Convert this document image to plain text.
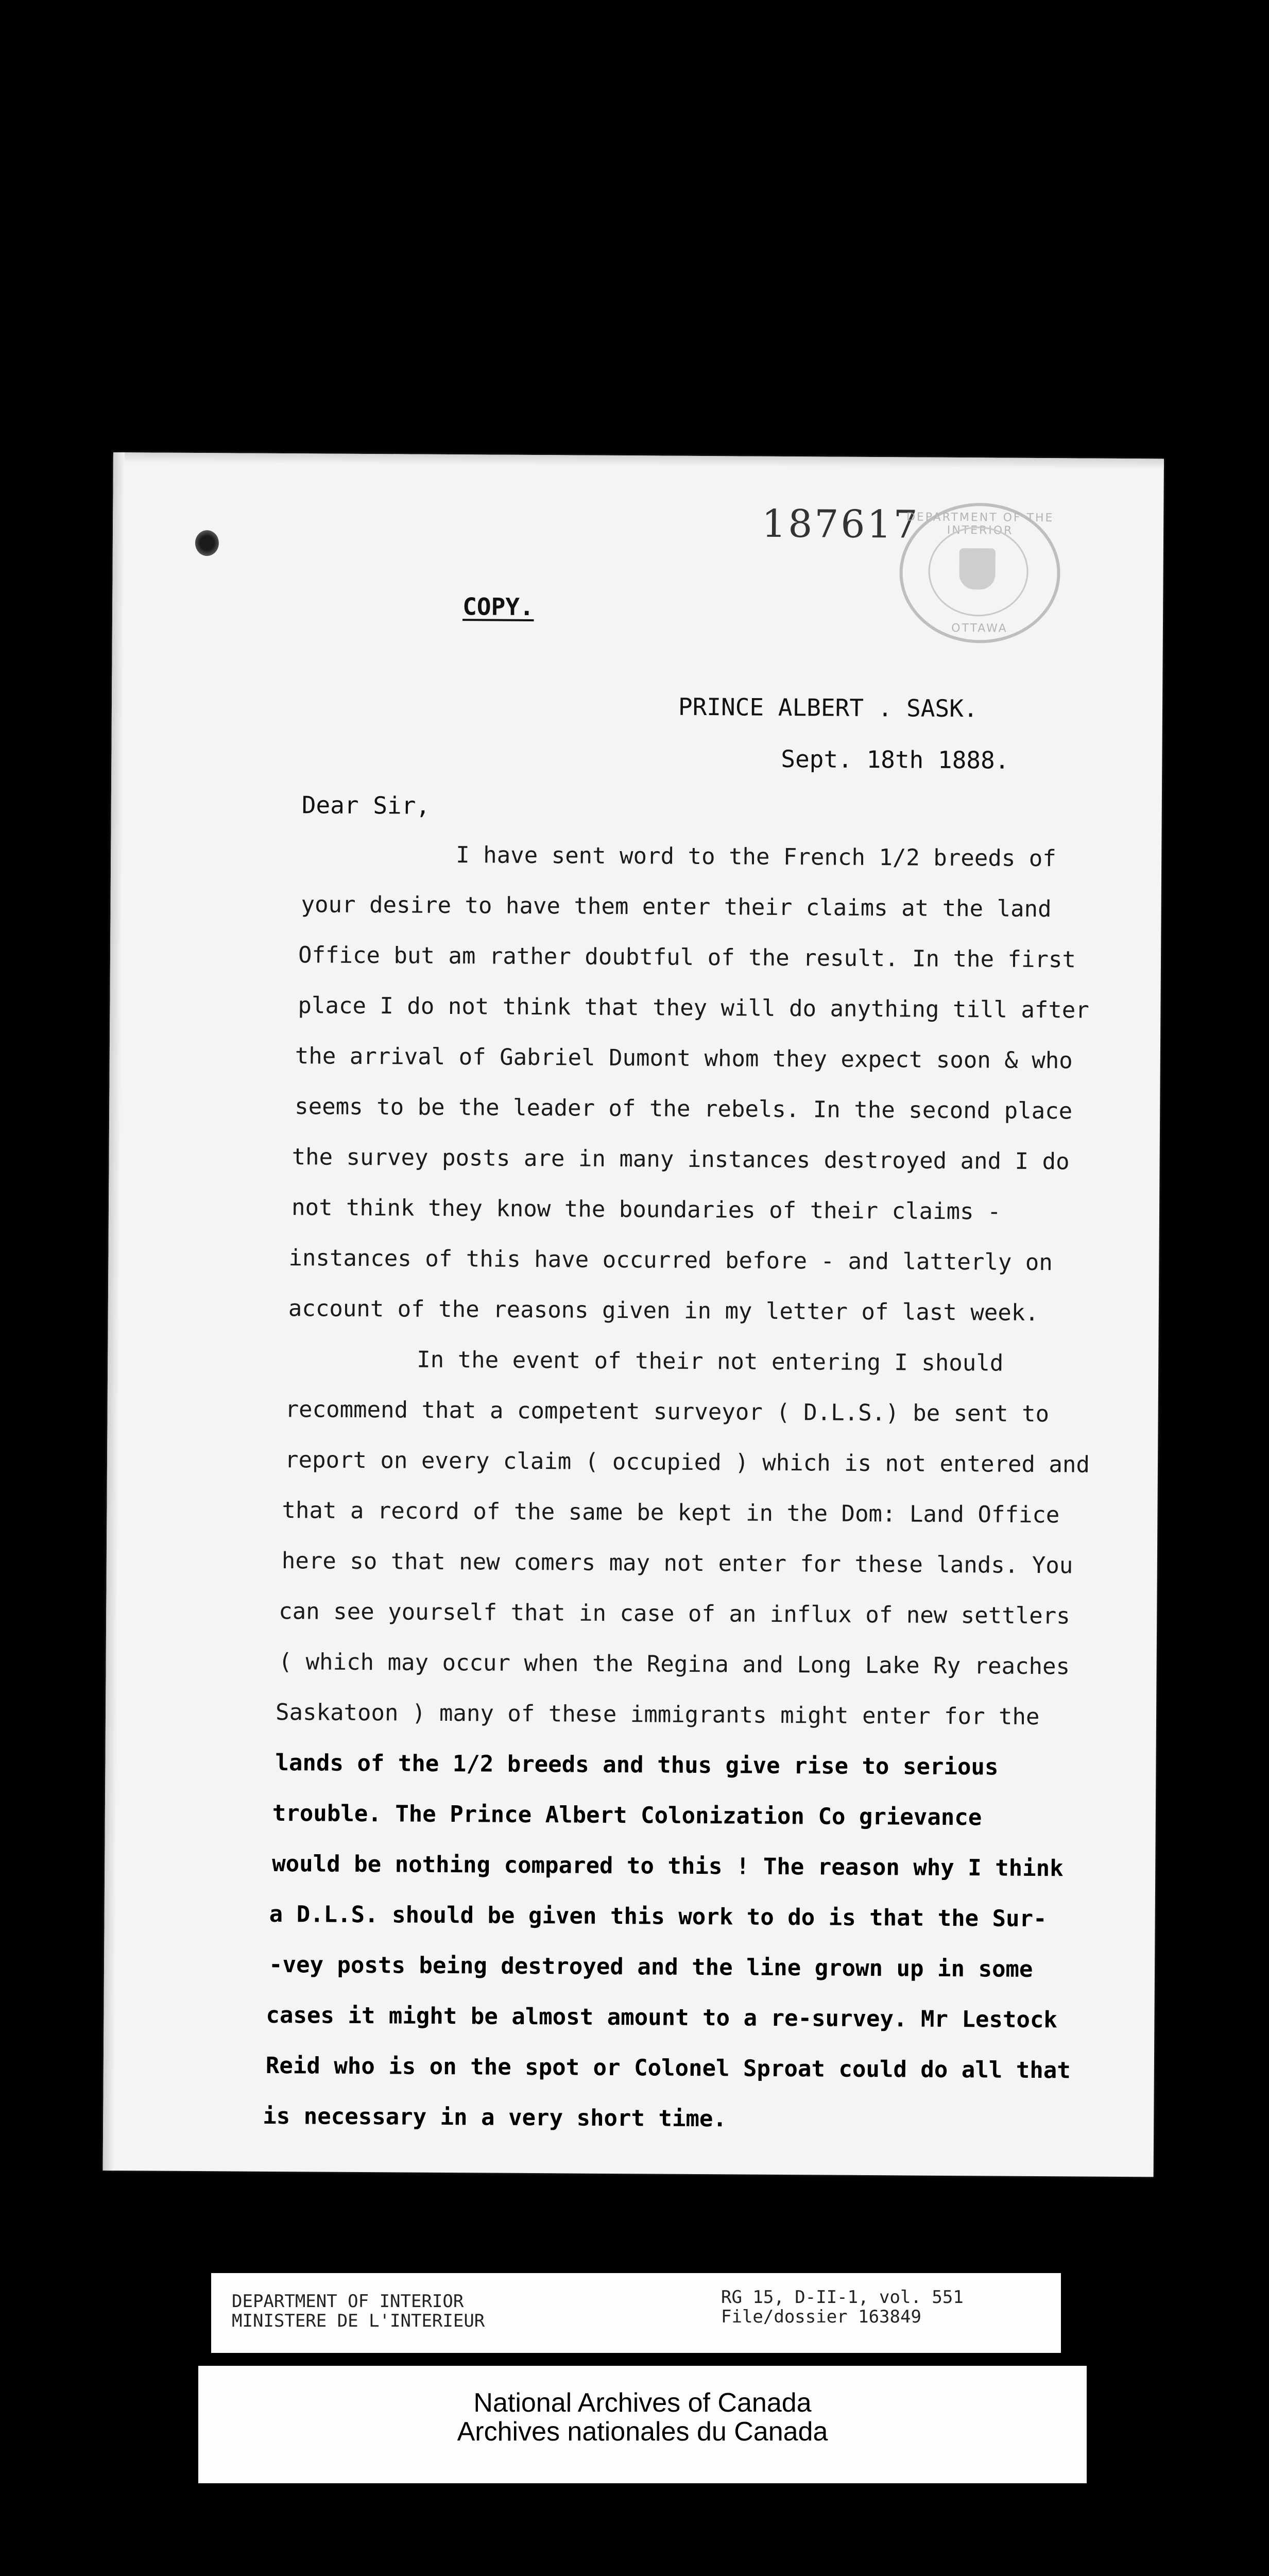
187617
DEPARTMENT OF THE INTERIOR
OTTAWA
COPY.
PRINCE ALBERT . SASK.
Sept. 18th 1888.
Dear Sir,
I have sent word to the French 1/2 breeds of
your desire to have them enter their claims at the land
Office but am rather doubtful of the result. In the first
place I do not think that they will do anything till after
the arrival of Gabriel Dumont whom they expect soon & who
seems to be the leader of the rebels. In the second place
the survey posts are in many instances destroyed and I do
not think they know the boundaries of their claims -
instances of this have occurred before - and latterly on
account of the reasons given in my letter of last week.
In the event of their not entering I should
recommend that a competent surveyor ( D.L.S.) be sent to
report on every claim ( occupied ) which is not entered and
that a record of the same be kept in the Dom: Land Office
here so that new comers may not enter for these lands. You
can see yourself that in case of an influx of new settlers
( which may occur when the Regina and Long Lake Ry reaches
Saskatoon ) many of these immigrants might enter for the
lands of the 1/2 breeds and thus give rise to serious
trouble. The Prince Albert Colonization Co grievance
would be nothing compared to this ! The reason why I think
a D.L.S. should be given this work to do is that the Sur-
-vey posts being destroyed and the line grown up in some
cases it might be almost amount to a re-survey. Mr Lestock
Reid who is on the spot or Colonel Sproat could do all that
is necessary in a very short time.
DEPARTMENT OF INTERIOR
MINISTERE DE L'INTERIEUR
RG 15, D-II-1, vol. 551
File/dossier 163849
National Archives of Canada
Archives nationales du Canada
